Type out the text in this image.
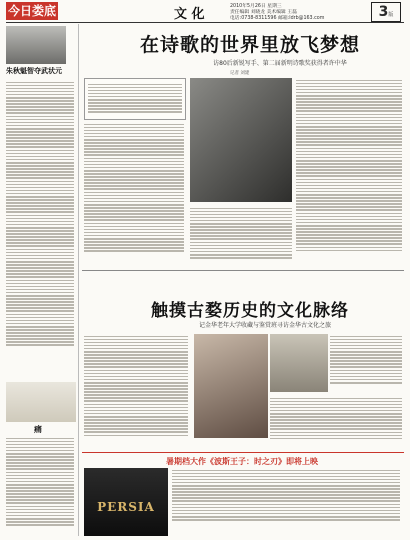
今日娄底	文 化
2010年5月26日 星期三
责任编辑 刘晓龙 美术编辑 王磊
电话:0738-8311596 邮箱:ldrb@163.com	3版
朱秋魁智夺武状元
痛
在诗歌的世界里放飞梦想
访80后新锐写手、第二届新明诗歌奖获得者许中华
记者 刘建
触摸古婺历史的文化脉络
记金华老年大学收藏与鉴赏班寻访金华古文化之旅
暑期档大作《波斯王子：时之刃》即将上映
PERSIA
